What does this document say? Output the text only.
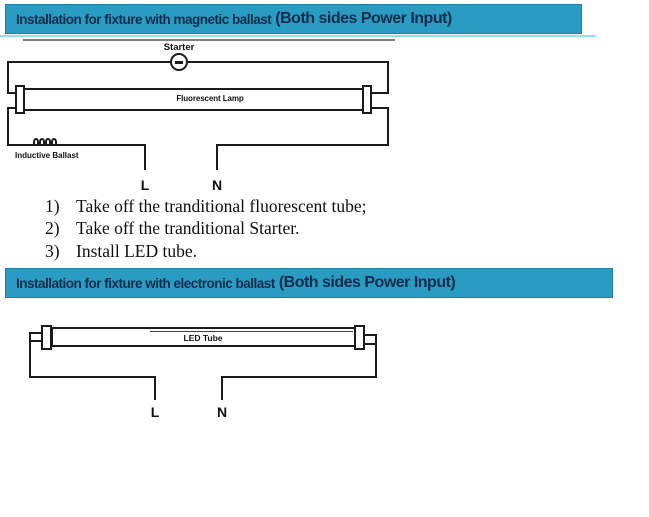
Installation for fixture with magnetic ballast (Both sides Power Input)
Fluorescent Lamp
Starter
Inductive Ballast
L	N
1) Take off the tranditional fluorescent tube;
2) Take off the tranditional Starter.
3) Install LED tube.
Installation for fixture with electronic ballast (Both sides Power Input)
LED Tube
L	N
